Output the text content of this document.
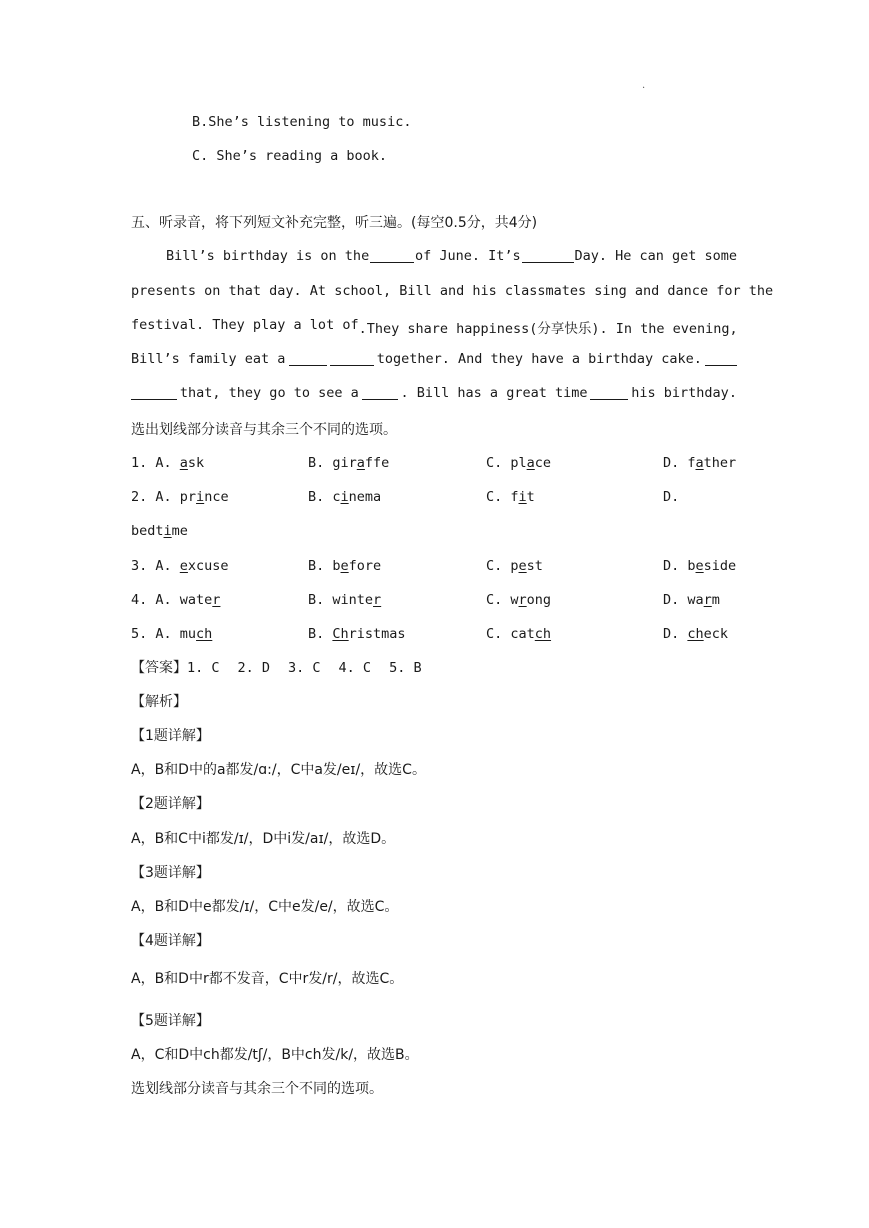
.
B.She’s listening to music.
C. She’s reading a book.
五、听录音，将下列短文补充完整，听三遍。(每空0.5分，共4分)
Bill’s birthday is on the	of June. It’s	Day. He can get some
presents on that day. At school, Bill and his classmates sing and dance for the
festival. They play a lot of .They share happiness(分享快乐). In the evening,
Bill’s family eat a	together. And they have a birthday cake.
that, they go to see a	. Bill has a great time	his birthday.
选出划线部分读音与其余三个不同的选项。
1. A. ask	B. giraffe	C. place	D. father
2. A. prince	B. cinema	C. fit	D.
bedtime
3. A. excuse	B. before	C. pest	D. beside
4. A. water	B. winter	C. wrong	D. warm
5. A. much	B. Christmas	C. catch	D. check
【答案】1. C 2. D 3. C 4. C 5. B
【解析】
【1题详解】
A，B和D中的a都发/ɑ:/，C中a发/eɪ/，故选C。
【2题详解】
A，B和C中i都发/ɪ/，D中i发/aɪ/，故选D。
【3题详解】
A，B和D中e都发/ɪ/，C中e发/e/，故选C。
【4题详解】
A，B和D中r都不发音，C中r发/r/，故选C。
【5题详解】
A，C和D中ch都发/tʃ/，B中ch发/k/，故选B。
选划线部分读音与其余三个不同的选项。
